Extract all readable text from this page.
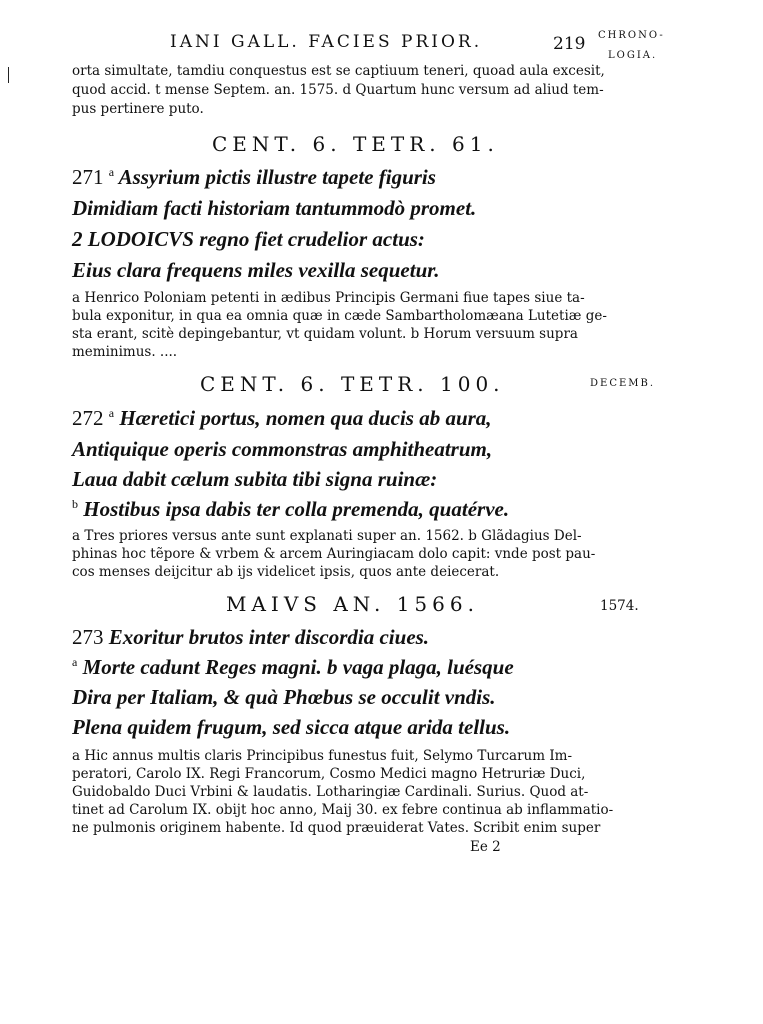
IANI GALL. FACIES PRIOR.	219 CHRONO-
LOGIA.
orta simultate, tamdiu conquestus est se captiuum teneri, quoad aula excesit,
quod accid. t mense Septem. an. 1575. d Quartum hunc versum ad aliud tem-
pus pertinere puto.
CENT. 6. TETR. 61.
271 $^a$ Assyrium pictis illustre tapete figuris
Dimidiam facti historiam tantummodò promet.
2 LODOICVS regno fiet crudelior actus:
Eius clara frequens miles vexilla sequetur.
a Henrico Poloniam petenti in ædibus Principis Germani fiue tapes siue ta-
bula exponitur, in qua ea omnia quæ in cæde Sambartholomæana Lutetiæ ge-
sta erant, scitè depingebantur, vt quidam volunt. b Horum versuum supra
meminimus. ....
CENT. 6. TETR. 100.	DECEMB.
272 $^a$ Hæretici portus, nomen qua ducis ab aura,
Antiquique operis commonstras amphitheatrum,
Laua dabit cælum subita tibi signa ruinæ:
$^b$ Hostibus ipsa dabis ter colla premenda, quatérve.
a Tres priores versus ante sunt explanati super an. 1562. b Glãdagius Del-
phinas hoc tẽpore & vrbem & arcem Auringiacam dolo capit: vnde post pau-
cos menses deijcitur ab ijs videlicet ipsis, quos ante deiecerat.
MAIVS AN. 1566.	1574.
273 Exoritur brutos inter discordia ciues.
$^a$ Morte cadunt Reges magni. b vaga plaga, luésque
Dira per Italiam, & quà Phœbus se occulit vndis.
Plena quidem frugum, sed sicca atque arida tellus.
a Hic annus multis claris Principibus funestus fuit, Selymo Turcarum Im-
peratori, Carolo IX. Regi Francorum, Cosmo Medici magno Hetruriæ Duci,
Guidobaldo Duci Vrbini & laudatis. Lotharingiæ Cardinali. Surius. Quod at-
tinet ad Carolum IX. obijt hoc anno, Maij 30. ex febre continua ab inflammatio-
ne pulmonis originem habente. Id quod præuiderat Vates. Scribit enim super
Ee 2
